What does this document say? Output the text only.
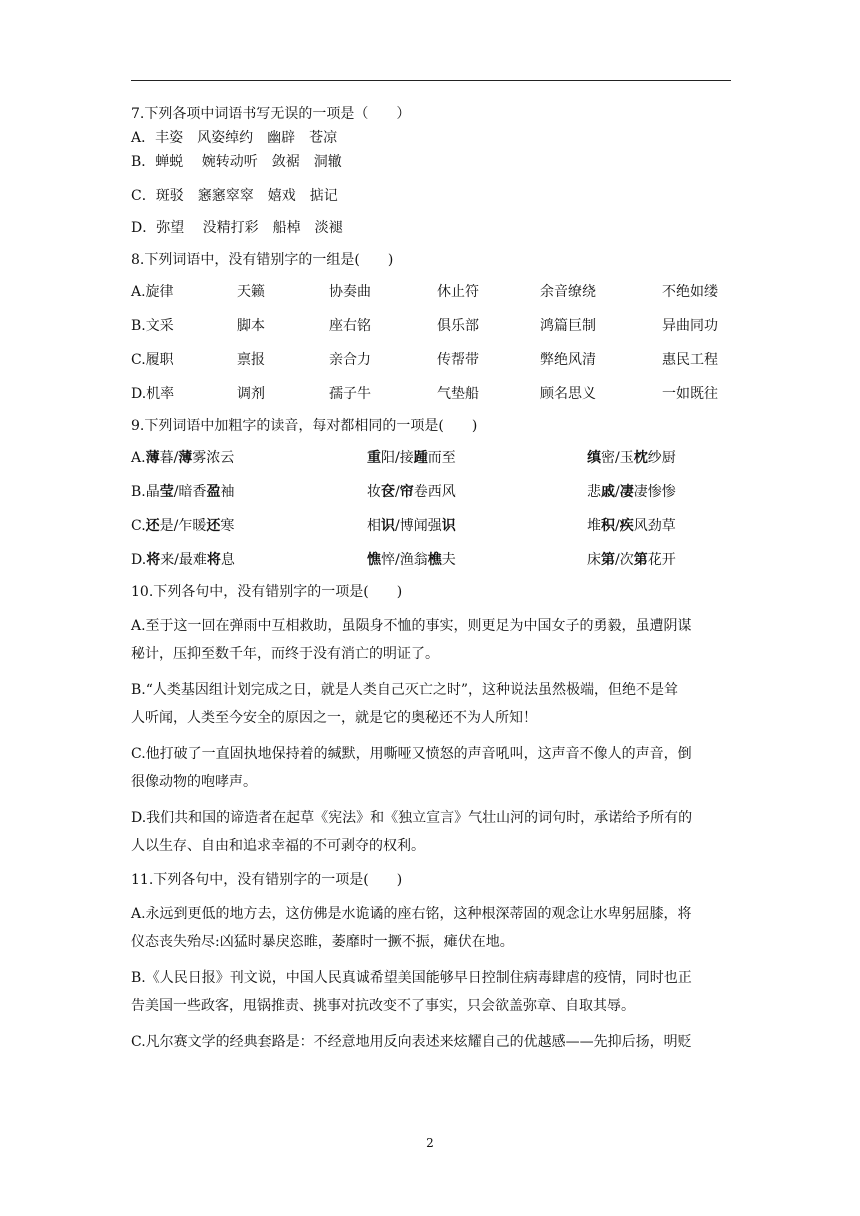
7.下列各项中词语书写无误的一项是（　　）

A．丰姿　风姿绰约　幽辟　苍凉

B．蝉蜕　 婉转动听　敛裾　洞辙

C．斑驳　窸窸窣窣　嬉戏　掂记

D．弥望　 没精打彩　船棹　淡褪

8.下列词语中，没有错别字的一组是(　　)

A.旋律	天籁	协奏曲	休止符	余音缭绕	不绝如缕
B.文采	脚本	座右铭	俱乐部	鸿篇巨制	异曲同功
C.履职	禀报	亲合力	传帮带	弊绝风清	惠民工程
D.机率	调剂	孺子牛	气垫船	顾名思义	一如既往

9.下列词语中加粗字的读音，每对都相同的一项是(　　)

A.薄暮/薄雾浓云	重阳/接踵而至	缜密/玉枕纱厨
B.晶莹/暗香盈袖	妆奁/帘卷西风	悲戚/凄凄惨惨
C.还是/乍暖还寒	相识/博闻强识	堆积/疾风劲草
D.将来/最难将息	憔悴/渔翁樵夫	床第/次第花开

10.下列各句中，没有错别字的一项是(　　)

A.至于这一回在弹雨中互相救助，虽陨身不恤的事实，则更足为中国女子的勇毅，虽遭阴谋

秘计，压抑至数千年，而终于没有消亡的明证了。

B.“人类基因组计划完成之日，就是人类自己灭亡之时”，这种说法虽然极端，但绝不是耸

人听闻，人类至今安全的原因之一，就是它的奥秘还不为人所知！

C.他打破了一直固执地保持着的缄默，用嘶哑又愤怒的声音吼叫，这声音不像人的声音，倒

很像动物的咆哮声。

D.我们共和国的谛造者在起草《宪法》和《独立宣言》气壮山河的词句时，承诺给予所有的

人以生存、自由和追求幸福的不可剥夺的权利。

11.下列各句中，没有错别字的一项是(　　)

A.永远到更低的地方去，这仿佛是水诡谲的座右铭，这种根深蒂固的观念让水卑躬屈膝，将

仪态丧失殆尽:凶猛时暴戾恣睢，萎靡时一撅不振，瘫伏在地。

B.《人民日报》刊文说，中国人民真诚希望美国能够早日控制住病毒肆虐的疫情，同时也正

告美国一些政客，甩锅推责、挑事对抗改变不了事实，只会欲盖弥章、自取其辱。

C.凡尔赛文学的经典套路是：不经意地用反向表述来炫耀自己的优越感——先抑后扬，明贬

2
